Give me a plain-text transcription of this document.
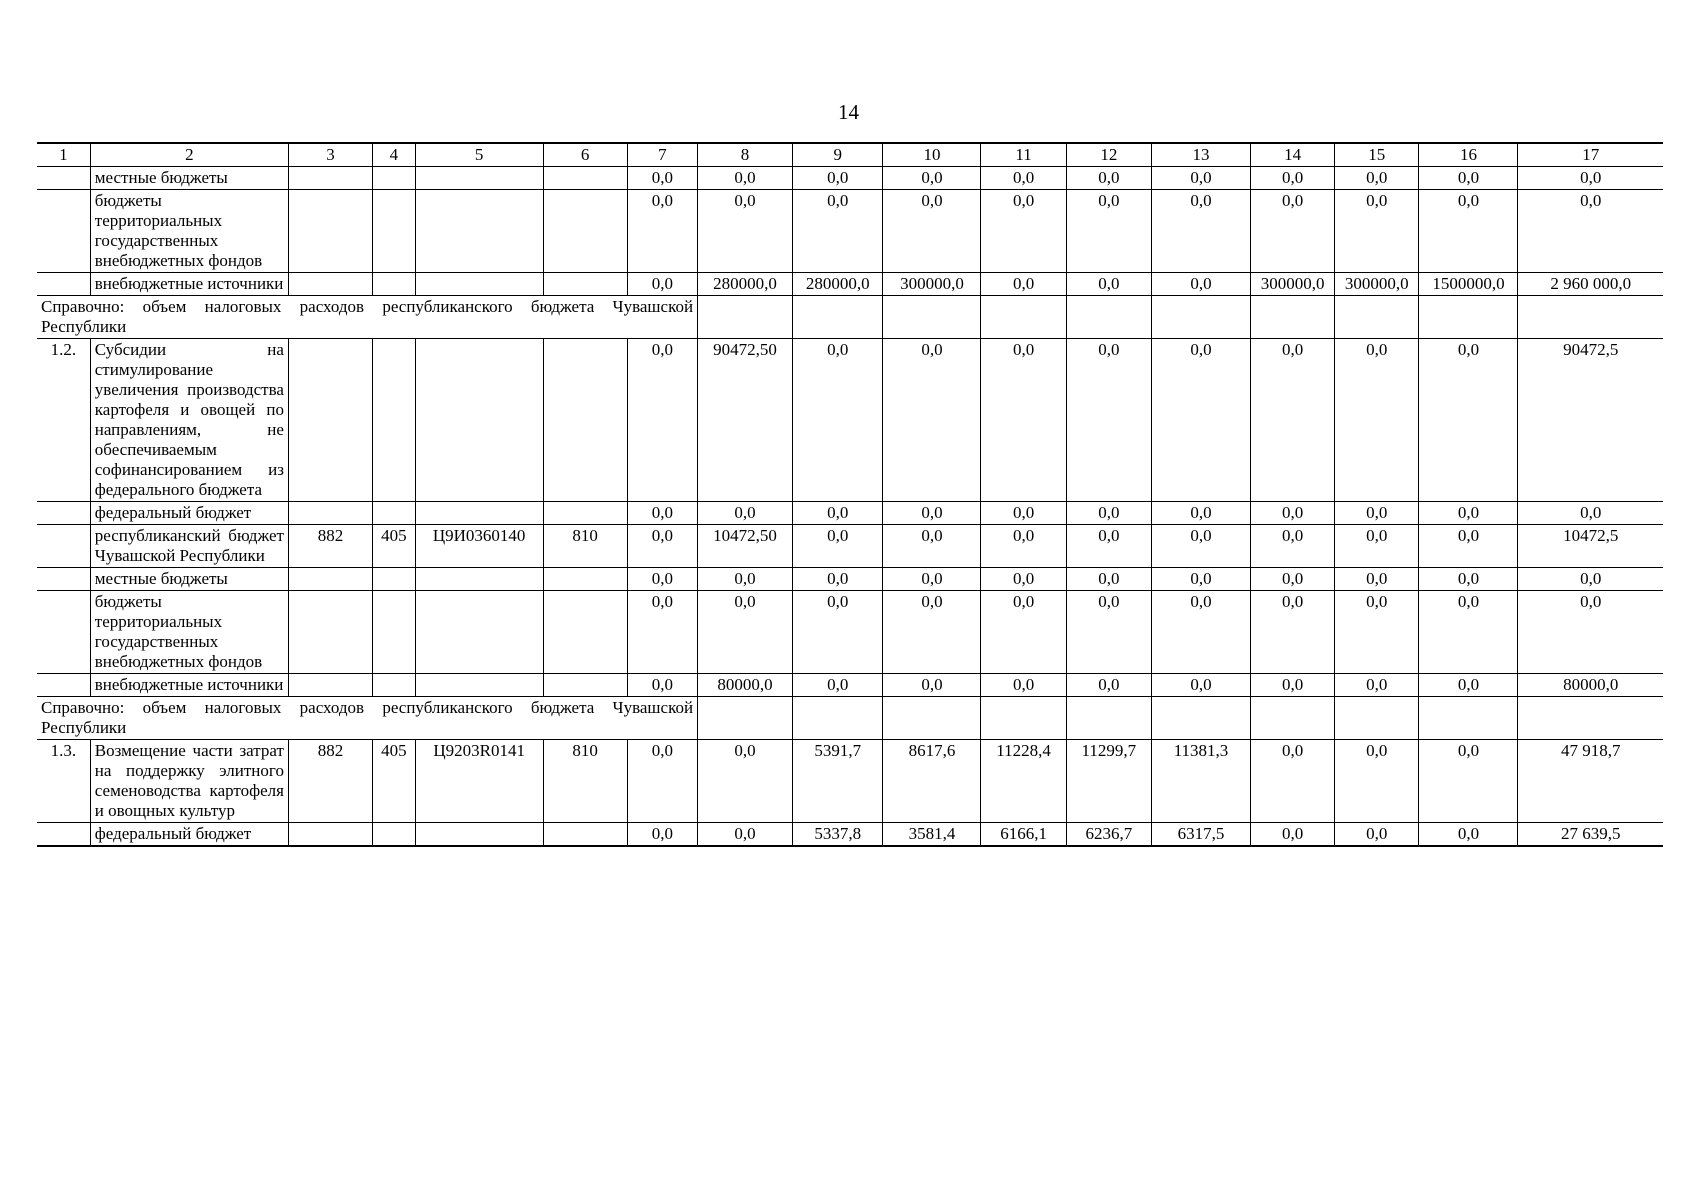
14
1	2	3	4	5	6	7	8	9	10	11	12	13	14	15	16	17
	местные бюджеты					0,0	0,0	0,0	0,0	0,0	0,0	0,0	0,0	0,0	0,0	0,0
	бюджеты территориальных государственных внебюджетных фондов					0,0	0,0	0,0	0,0	0,0	0,0	0,0	0,0	0,0	0,0	0,0
	внебюджетные источники					0,0	280000,0	280000,0	300000,0	0,0	0,0	0,0	300000,0	300000,0	1500000,0	2 960 000,0
Справочно: объем налоговых расходов республиканского бюджета Чувашской Республики																
1.2.	Субсидии на стимулирование увеличения производства картофеля и овощей по направлениям, не обеспечиваемым софинансированием из федерального бюджета					0,0	90472,50	0,0	0,0	0,0	0,0	0,0	0,0	0,0	0,0	90472,5
	федеральный бюджет					0,0	0,0	0,0	0,0	0,0	0,0	0,0	0,0	0,0	0,0	0,0
	республиканский бюджет Чувашской Республики	882	405	Ц9И0360140	810	0,0	10472,50	0,0	0,0	0,0	0,0	0,0	0,0	0,0	0,0	10472,5
	местные бюджеты					0,0	0,0	0,0	0,0	0,0	0,0	0,0	0,0	0,0	0,0	0,0
	бюджеты территориальных государственных внебюджетных фондов					0,0	0,0	0,0	0,0	0,0	0,0	0,0	0,0	0,0	0,0	0,0
	внебюджетные источники					0,0	80000,0	0,0	0,0	0,0	0,0	0,0	0,0	0,0	0,0	80000,0
Справочно: объем налоговых расходов республиканского бюджета Чувашской Республики																
1.3.	Возмещение части затрат на поддержку элитного семеноводства картофеля и овощных культур	882	405	Ц9203R0141	810	0,0	0,0	5391,7	8617,6	11228,4	11299,7	11381,3	0,0	0,0	0,0	47 918,7
	федеральный бюджет					0,0	0,0	5337,8	3581,4	6166,1	6236,7	6317,5	0,0	0,0	0,0	27 639,5
